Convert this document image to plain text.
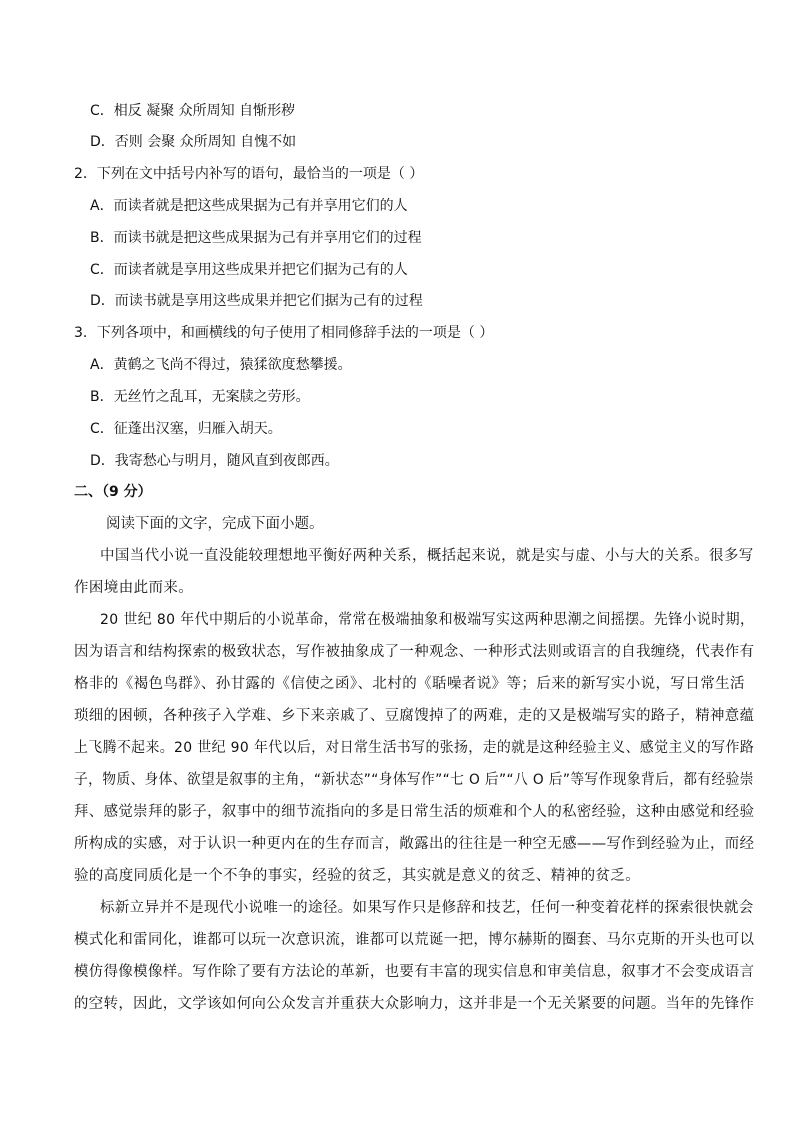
C．相反 凝聚 众所周知 自惭形秽
D．否则 会聚 众所周知 自愧不如
2．下列在文中括号内补写的语句，最恰当的一项是（ ）
A．而读者就是把这些成果据为己有并享用它们的人
B．而读书就是把这些成果据为己有并享用它们的过程
C．而读者就是享用这些成果并把它们据为己有的人
D．而读书就是享用这些成果并把它们据为己有的过程
3．下列各项中，和画横线的句子使用了相同修辞手法的一项是（ ）
A．黄鹤之飞尚不得过，猿猱欲度愁攀援。
B．无丝竹之乱耳，无案牍之劳形。
C．征蓬出汉塞，归雁入胡天。
D．我寄愁心与明月，随风直到夜郎西。
二、（9 分）
阅读下面的文字，完成下面小题。
中国当代小说一直没能较理想地平衡好两种关系，概括起来说，就是实与虚、小与大的关系。很多写
作困境由此而来。
20 世纪 80 年代中期后的小说革命，常常在极端抽象和极端写实这两种思潮之间摇摆。先锋小说时期，
因为语言和结构探索的极致状态，写作被抽象成了一种观念、一种形式法则或语言的自我缠绕，代表作有
格非的《褐色鸟群》、孙甘露的《信使之函》、北村的《聒噪者说》等；后来的新写实小说，写日常生活
琐细的困顿，各种孩子入学难、乡下来亲戚了、豆腐馊掉了的两难，走的又是极端写实的路子，精神意蕴
上飞腾不起来。20 世纪 90 年代以后，对日常生活书写的张扬，走的就是这种经验主义、感觉主义的写作路
子，物质、身体、欲望是叙事的主角，“新状态”“身体写作”“七 O 后”“八 O 后”等写作现象背后，都有经验崇
拜、感觉崇拜的影子，叙事中的细节流指向的多是日常生活的烦难和个人的私密经验，这种由感觉和经验
所构成的实感，对于认识一种更内在的生存而言，敞露出的往往是一种空无感——写作到经验为止，而经
验的高度同质化是一个不争的事实，经验的贫乏，其实就是意义的贫乏、精神的贫乏。
标新立异并不是现代小说唯一的途径。如果写作只是修辞和技艺，任何一种变着花样的探索很快就会
模式化和雷同化，谁都可以玩一次意识流，谁都可以荒诞一把，博尔赫斯的圈套、马尔克斯的开头也可以
模仿得像模像样。写作除了要有方法论的革新，也要有丰富的现实信息和审美信息，叙事才不会变成语言
的空转，因此，文学该如何向公众发言并重获大众影响力，这并非是一个无关紧要的问题。当年的先锋作
